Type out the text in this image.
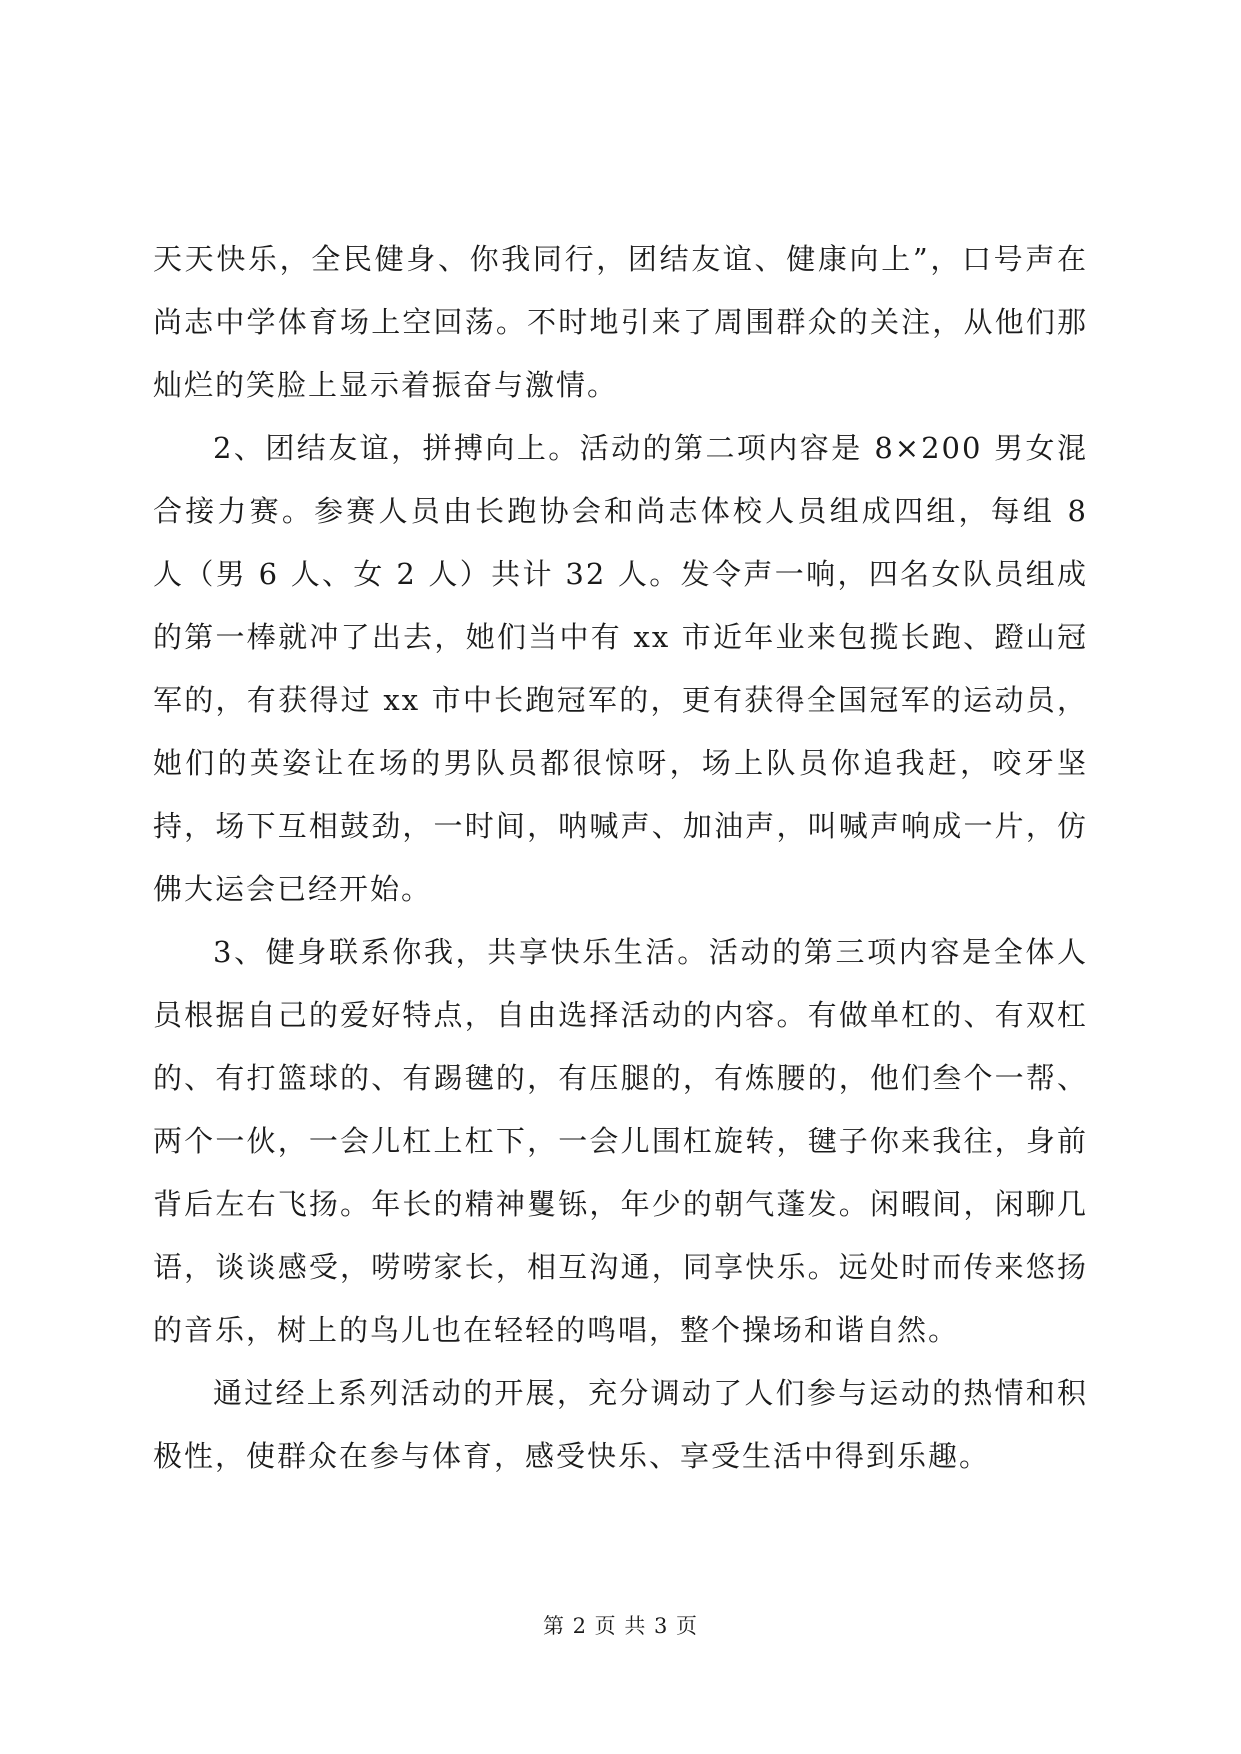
天天快乐，全民健身、你我同行，团结友谊、健康向上”，口号声在尚志中学体育场上空回荡。不时地引来了周围群众的关注，从他们那灿烂的笑脸上显示着振奋与激情。

2、团结友谊，拼搏向上。活动的第二项内容是 8×200 男女混合接力赛。参赛人员由长跑协会和尚志体校人员组成四组，每组 8 人（男 6 人、女 2 人）共计 32 人。发令声一响，四名女队员组成的第一棒就冲了出去，她们当中有 xx 市近年业来包揽长跑、蹬山冠军的，有获得过 xx 市中长跑冠军的，更有获得全国冠军的运动员，她们的英姿让在场的男队员都很惊呀，场上队员你追我赶，咬牙坚持，场下互相鼓劲，一时间，呐喊声、加油声，叫喊声响成一片，仿佛大运会已经开始。

3、健身联系你我，共享快乐生活。活动的第三项内容是全体人员根据自己的爱好特点，自由选择活动的内容。有做单杠的、有双杠的、有打篮球的、有踢毽的，有压腿的，有炼腰的，他们叁个一帮、两个一伙，一会儿杠上杠下，一会儿围杠旋转，毽子你来我往，身前背后左右飞扬。年长的精神矍铄，年少的朝气蓬发。闲暇间，闲聊几语，谈谈感受，唠唠家长，相互沟通，同享快乐。远处时而传来悠扬的音乐，树上的鸟儿也在轻轻的鸣唱，整个操场和谐自然。

通过经上系列活动的开展，充分调动了人们参与运动的热情和积极性，使群众在参与体育，感受快乐、享受生活中得到乐趣。

第 2 页 共 3 页
